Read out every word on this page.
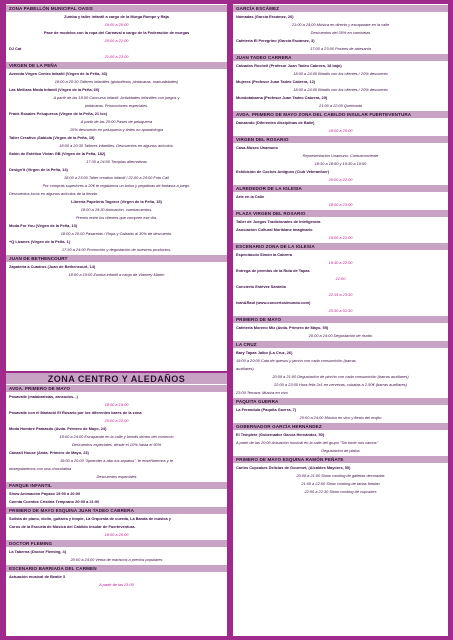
ZONA PABELLÓN MUNICIPAL OASIS
Zumba y taller infantil a cargo de la Murga Rompe y Raja
19:00 a 20:00
Pase de modelos con la ropa del Carnaval a cargo de la Federación de murgas
20:00 a 21:00
DJ Cat
21:00 a 23:00
VIRGEN DE LA PEÑA
Avenida Virgen Centro Infantil (Virgen de la Peña, 43)
18:00 a 20:30 Talleres infantiles (globoflexia, pintacaras, manualidades)
Las Mellizas Moda Infantil (Virgen de la Peña, 60)
A partir de las 18:00 Concurso infantil. Actividades infantiles con juegos y
pintacaras. Promociones especiales.
Frank Rosales Peluqueros (Virgen de la Peña, 21 loc)
A partir de las 20:00 Pases de peluquería
10% descuento en peluquería y tintes no aparatología
Taller Creativo ¡Sabiola (Virgen de la Peña, 19)
18:00 a 20:30 Talleres infantiles. Descuentos en algunos artículos.
Salón de Estética Vivian GB (Virgen de la Peña, 182)
17:30 a 24:00 Terapias alternativas
Design'it (Virgen de la Peña, 14)
18:00 a 23:00 Taller creativo infantil / 22:00 a 24:00 Foto Call
Por compras superiores a 20€ te regalamos un bolso y pegatinas de fantasía a juego.
Descuentos locos en algunos artículos de la tienda.
Librería Papelería Tagoror (Virgen de la Peña, 15)
18:00 a 19:30 Animación, cuentacuentos.
Premio entre los clientes que compren ese día.
Moda For You (Virgen de la Peña, 13)
18:00 a 20:00 Pasarelas / Ropa y Calzado al 30% de descuento.
+Q Lizanes (Virgen de la Peña, 1)
17:30 a 24:00 Promoción y degustación de nuestros productos.
JUAN DE BETHENCOURT
Zapatería a Cuadros (Juan de Bethencourt, 14)
18:00 a 19:00 Zumba infantil a cargo de Vianney Martín
ZONA CENTRO Y ALEDAÑOS
AVDA. PRIMERO DE MAYO
Posavaile (malabaristas, zancudos...)
18:00 a 19:00
Posavaile con el Mariachi El Rosario por los diferentes bares de la zona
20:00 a 22:00
Moda Hombre Pamasdo (Avda. Primero de Mayo, 24)
18:00 a 24:00 Escaparate en la calle y brindis dentro del comercio
Descuentos especiales, desde el 10% hasta el 50%
Canasil House (Avda. Primero de Mayo, 23)
18:00 a 20:00 "Aprender a atar tus zapatos", te enseñaremos y te
obsequiaremos con una chocolatina
Descuentos especiales
PARQUE INFANTIL
Show Animación Payaso 19:00 a 20:00
Cuenta Cuentos Cristina Temprano 20:00 a 21:00
PRIMERO DE MAYO ESQUINA JUAN TADEO CABRERA
Solista de piano, violín, guitarra y timple, La Orquesta de cuerda, La Banda de música y
Coros de la Escuela de Música del Cabildo Insular de Fuerteventura.
18:00 a 20:00
DOCTOR FLEMING
La Taberna (Doctor Fleming, 4)
20:00 a 24:00 Venta de mariscos a precios populares
ESCENARIO BARRIADA DEL CARMEN
Actuación musical de Beatle 3
A partir de las 21:00
GARCÍA ESCÁMEZ
Nómadas (García Escámez, 26)
21:00 a 24:00 Música en directo y escaparate en la calle
Descuentos del 30% en camisetas
Cafetería El Peregrino (García Escámez, 3)
17:00 a 23:00 Postres de artesanía
JUAN TADEO CARRERA
Calzados Rochell (Profesor Juan Tadeo Cabrera, 18 bajo)
18:00 a 24:00 Brindis con los clientes / 20% descuento
Mujeres (Profesor Juan Tadeo Cabrera, 12)
18:00 a 24:00 Brindis con los clientes / 20% descuento
Mundotabarna (Profesor Juan Tadeo Cabrera, 29)
21:00 a 22:00 Queimada
AVDA. PRIMERO DE MAYO ZONA DEL CABILDO INSULAR FUERTEVENTURA
Danzando (Diferentes disciplinas de Baile)
18:00 a 20:00
VIRGEN DEL ROSARIO
Casa-Museo Unamuno
Representación Unamuno: Contraconciente
18:30 a 18:50 y 19:30 a 19:50
Exhibición de Coches Antiguos (Club Veteranfuer)
20:00 a 22:00
ALREDEDOR DE LA IGLESIA
Arte en la Calle
18:00 a 23:00
PLAZA VIRGEN DEL ROSARIO
Taller de Juegos Tradicionales de Inteligencia
Asociación Cultural Moriklane Imaginario
19:00 a 21:00
ESCENARIO ZONA DE LA IGLESIA
Espectáculo Simón la Cabrera
19:30 a 22:00
Entrega de premios de la Ruta de Tapas
21:00
Concierto Estévez Santelia
22:15 a 23:30
Ivan&Raul (www.concertosimundo.com)
23:30 a 01:30
PRIMERO DE MAYO
Cafetería Moreno Miz (Avda. Primero de Mayo, 55)
20:00 a 24:00 Degustación de risotto
LA CRUZ
Bary Tapas Jalbo (La Cruz, 26)
19:00 a 20:00 Cata de quesos y jamón con cada consumición (barras
auxiliares)
20:00 a 21:00 Degustación de pincho con cada consumición (barras auxiliares)
22:00 a 23:00 Hora feliz 2x1 en cervezas, cubatas a 2,50€ (barras auxiliares)
23:00 Terraza: Música en vivo
PAQUITA GUERRA
La Ferandula (Paquita Guerra, 7)
20:00 a 24:00 Música en vivo y fiesta del mojito
GOBERNADOR GARCÍA HERNÁNDEZ
El Templete (Gobernador García Hernández, 50)
A partir de las 20:00 Actuación musical en la calle del grupo "Sin tonte nos vamos"
Degustación de platos
PRIMERO DE MAYO ESQUINA RAMÓN PEÑATE
Carlos Cupcakes Delicias de Gourmet, (Alcaldes Mayores, 55)
20:00 a 21:00 Show cooking de galletas decoradas
21:00 a 22:00 Show cooking de tartas fondan
22:00 a 22:30 Show cooking de cupcakes
